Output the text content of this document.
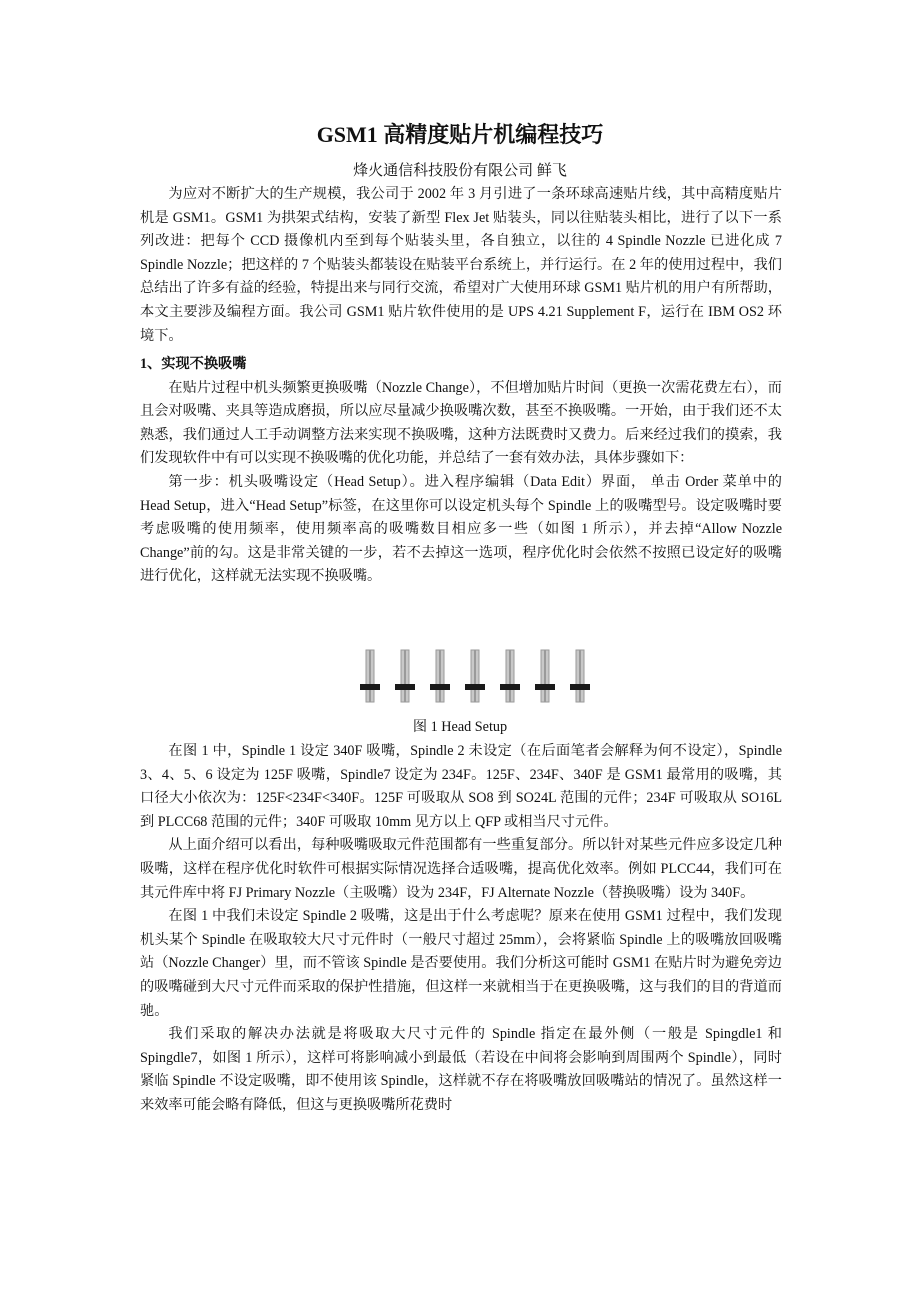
GSM1 高精度贴片机编程技巧
烽火通信科技股份有限公司 鲜飞

为应对不断扩大的生产规模，我公司于 2002 年 3 月引进了一条环球高速贴片线，其中高精度贴片机是 GSM1。GSM1 为拱架式结构，安装了新型 Flex Jet 贴装头，同以往贴装头相比，进行了以下一系列改进：把每个 CCD 摄像机内至到每个贴装头里，各自独立，以往的 4 Spindle Nozzle 已进化成 7 Spindle Nozzle；把这样的 7 个贴装头都装设在贴装平台系统上，并行运行。在 2 年的使用过程中，我们总结出了许多有益的经验，特提出来与同行交流，希望对广大使用环球 GSM1 贴片机的用户有所帮助，本文主要涉及编程方面。我公司 GSM1 贴片软件使用的是 UPS 4.21 Supplement F，运行在 IBM OS2 环境下。

1、实现不换吸嘴

在贴片过程中机头频繁更换吸嘴（Nozzle Change），不但增加贴片时间（更换一次需花费左右），而且会对吸嘴、夹具等造成磨损，所以应尽量减少换吸嘴次数，甚至不换吸嘴。一开始，由于我们还不太熟悉，我们通过人工手动调整方法来实现不换吸嘴，这种方法既费时又费力。后来经过我们的摸索，我们发现软件中有可以实现不换吸嘴的优化功能，并总结了一套有效办法，具体步骤如下：

第一步：机头吸嘴设定（Head Setup）。进入程序编辑（Data Edit）界面， 单击 Order 菜单中的 Head Setup，进入“Head Setup”标签，在这里你可以设定机头每个 Spindle 上的吸嘴型号。设定吸嘴时要考虑吸嘴的使用频率，使用频率高的吸嘴数目相应多一些（如图 1 所示），并去掉“Allow Nozzle Change”前的勾。这是非常关键的一步，若不去掉这一选项，程序优化时会依然不按照已设定好的吸嘴进行优化，这样就无法实现不换吸嘴。

图 1 Head Setup

在图 1 中，Spindle 1 设定 340F 吸嘴，Spindle 2 未设定（在后面笔者会解释为何不设定），Spindle 3、4、5、6 设定为 125F 吸嘴，Spindle7 设定为 234F。125F、234F、340F 是 GSM1 最常用的吸嘴，其口径大小依次为：125F<234F<340F。125F 可吸取从 SO8 到 SO24L 范围的元件；234F 可吸取从 SO16L 到 PLCC68 范围的元件；340F 可吸取 10mm 见方以上 QFP 或相当尺寸元件。

从上面介绍可以看出，每种吸嘴吸取元件范围都有一些重复部分。所以针对某些元件应多设定几种吸嘴，这样在程序优化时软件可根据实际情况选择合适吸嘴，提高优化效率。例如 PLCC44，我们可在其元件库中将 FJ Primary Nozzle（主吸嘴）设为 234F，FJ Alternate Nozzle（替换吸嘴）设为 340F。

在图 1 中我们未设定 Spindle 2 吸嘴，这是出于什么考虑呢？原来在使用 GSM1 过程中，我们发现机头某个 Spindle 在吸取较大尺寸元件时（一般尺寸超过 25mm），会将紧临 Spindle 上的吸嘴放回吸嘴站（Nozzle Changer）里，而不管该 Spindle 是否要使用。我们分析这可能时 GSM1 在贴片时为避免旁边的吸嘴碰到大尺寸元件而采取的保护性措施，但这样一来就相当于在更换吸嘴，这与我们的目的背道而驰。

我们采取的解决办法就是将吸取大尺寸元件的 Spindle 指定在最外侧（一般是 Spingdle1 和 Spingdle7，如图 1 所示），这样可将影响减小到最低（若设在中间将会影响到周围两个 Spindle），同时紧临 Spindle 不设定吸嘴，即不使用该 Spindle，这样就不存在将吸嘴放回吸嘴站的情况了。虽然这样一来效率可能会略有降低，但这与更换吸嘴所花费时
